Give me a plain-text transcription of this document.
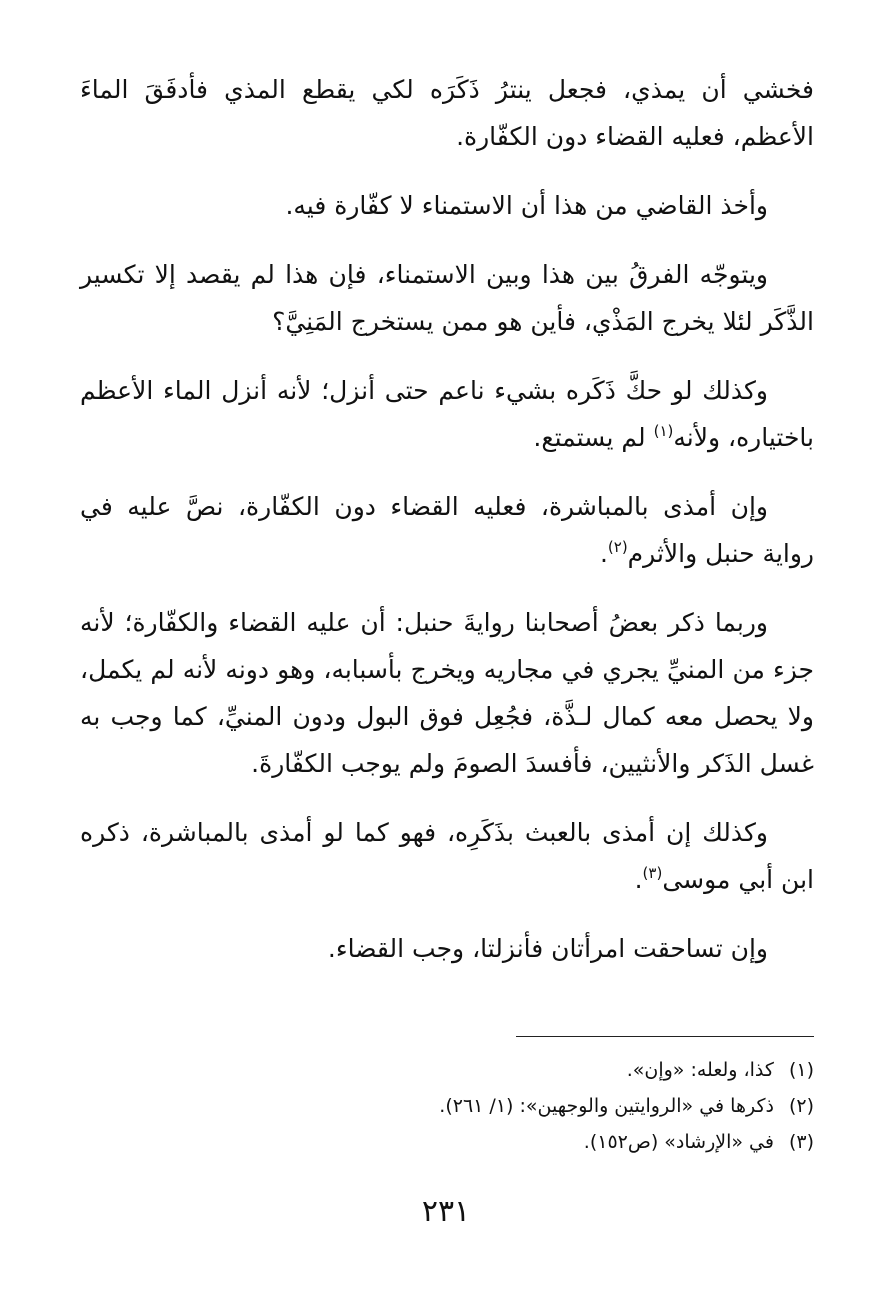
فخشي أن يمذي، فجعل ينترُ ذَكَرَه لكي يقطع المذي فأدفَقَ الماءَ الأعظم، فعليه القضاء دون الكفّارة.

وأخذ القاضي من هذا أن الاستمناء لا كفّارة فيه.

ويتوجّه الفرقُ بين هذا وبين الاستمناء، فإن هذا لم يقصد إلا تكسير الذَّكَر لئلا يخرج المَذْي، فأين هو ممن يستخرج المَنِيَّ؟

وكذلك لو حكَّ ذَكَره بشيء ناعم حتى أنزل؛ لأنه أنزل الماء الأعظم باختياره، ولأنه$^{(١)}$ لم يستمتع.

وإن أمذى بالمباشرة، فعليه القضاء دون الكفّارة، نصَّ عليه في رواية حنبل والأثرم$^{(٢)}$.

وربما ذكر بعضُ أصحابنا روايةَ حنبل: أن عليه القضاء والكفّارة؛ لأنه جزء من المنيِّ يجري في مجاريه ويخرج بأسبابه، وهو دونه لأنه لم يكمل، ولا يحصل معه كمال لـذَّة، فجُعِل فوق البول ودون المنيِّ، كما وجب به غسل الذَكر والأنثيين، فأفسدَ الصومَ ولم يوجب الكفّارةَ.

وكذلك إن أمذى بالعبث بذَكَرِه، فهو كما لو أمذى بالمباشرة، ذكره ابن أبي موسى$^{(٣)}$.

وإن تساحقت امرأتان فأنزلتا، وجب القضاء.

(١) كذا، ولعله: «وإن».
(٢) ذكرها في «الروايتين والوجهين»: (١/ ٢٦١).
(٣) في «الإرشاد» (ص١٥٢).
٢٣١
